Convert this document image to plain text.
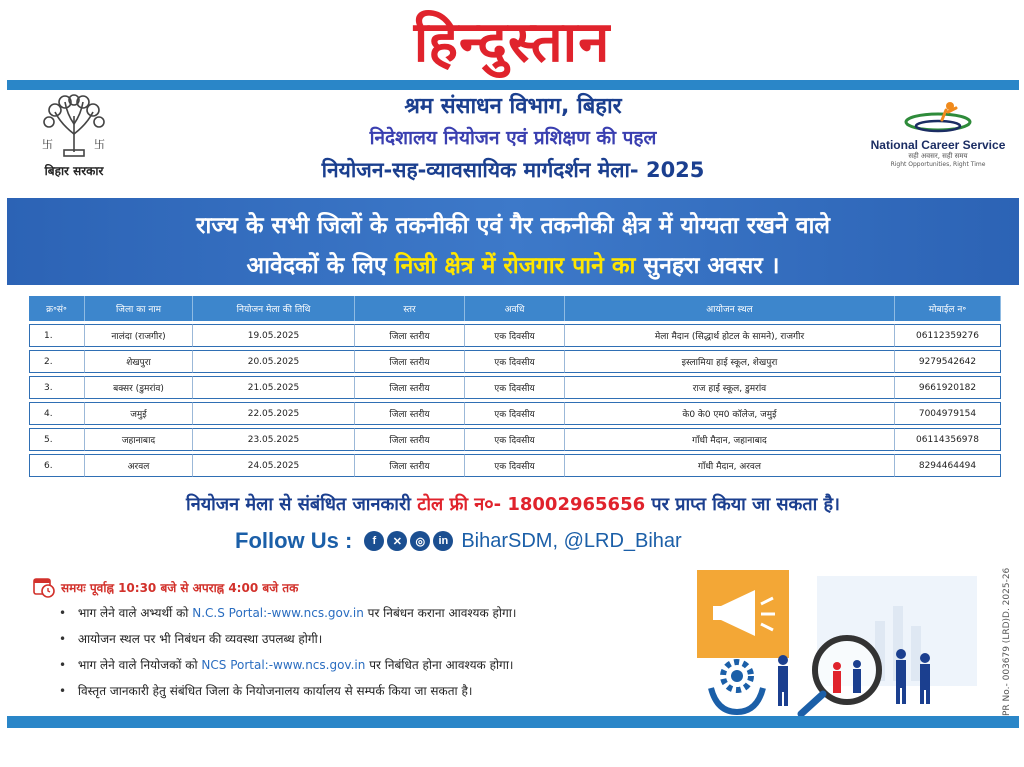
हिन्दुस्तान
卐	卐
बिहार सरकार
National Career Service
सही अवसर, सही समय
Right Opportunities, Right Time
श्रम संसाधन विभाग, बिहार
निदेशालय नियोजन एवं प्रशिक्षण की पहल
नियोजन-सह-व्यावसायिक मार्गदर्शन मेला- 2025
राज्य के सभी जिलों के तकनीकी एवं गैर तकनीकी क्षेत्र में योग्यता रखने वाले
आवेदकों के लिए निजी क्षेत्र में रोजगार पाने का सुनहरा अवसर ।
क्र॰सं॰	जिला का नाम	नियोजन मेला की तिथि	स्तर	अवधि	आयोजन स्थल	मोबाईल न॰
1.	नालंदा (राजगीर)	19.05.2025	जिला स्तरीय	एक दिवसीय	मेला मैदान (सिद्धार्थ होटल के सामने), राजगीर	06112359276
2.	शेखपुरा	20.05.2025	जिला स्तरीय	एक दिवसीय	इस्लामिया हाई स्कूल, शेखपुरा	9279542642
3.	बक्सर (डुमरांव)	21.05.2025	जिला स्तरीय	एक दिवसीय	राज हाई स्कूल, डुमरांव	9661920182
4.	जमुई	22.05.2025	जिला स्तरीय	एक दिवसीय	के0 के0 एम0 कॉलेज, जमुई	7004979154
5.	जहानाबाद	23.05.2025	जिला स्तरीय	एक दिवसीय	गाँधी मैदान, जहानाबाद	06114356978
6.	अरवल	24.05.2025	जिला स्तरीय	एक दिवसीय	गाँधी मैदान, अरवल	8294464494
नियोजन मेला से संबंधित जानकारी टोल फ्री न०- 18002965656 पर प्राप्त किया जा सकता है।
Follow Us :	f	✕	◎	in BiharSDM, @LRD_Bihar
समयः पूर्वाह्न 10:30 बजे से अपराह्न 4:00 बजे तक
• भाग लेने वाले अभ्यर्थी को N.C.S Portal:-www.ncs.gov.in पर निबंधन कराना आवश्यक होगा।
• आयोजन स्थल पर भी निबंधन की व्यवस्था उपलब्ध होगी।
• भाग लेने वाले नियोजकों को NCS Portal:-www.ncs.gov.in पर निबंधित होना आवश्यक होगा।
• विस्तृत जानकारी हेतु संबंधित जिला के नियोजनालय कार्यालय से सम्पर्क किया जा सकता है।	PR No.- 003679 (LRD)D. 2025-26
